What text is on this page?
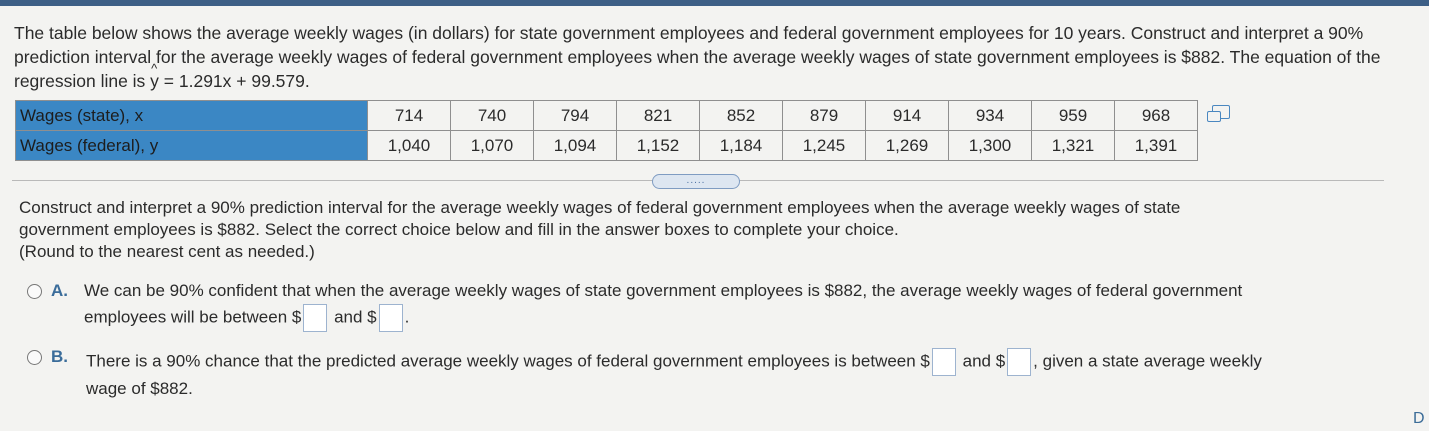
The table below shows the average weekly wages (in dollars) for state government employees and federal government employees for 10 years. Construct and interpret a 90% prediction interval for the average weekly wages of federal government employees when the average weekly wages of state government employees is $882. The equation of the regression line is ^ y = 1.291x + 99.579.
Wages (state), x	714	740	794	821	852	879	914	934	959	968
Wages (federal), y	1,040	1,070	1,094	1,152	1,184	1,245	1,269	1,300	1,321	1,391
.....
Construct and interpret a 90% prediction interval for the average weekly wages of federal government employees when the average weekly wages of state
government employees is $882. Select the correct choice below and fill in the answer boxes to complete your choice.
(Round to the nearest cent as needed.)
A. We can be 90% confident that when the average weekly wages of state government employees is $882, the average weekly wages of federal government
employees will be between $ and $ .
B. There is a 90% chance that the predicted average weekly wages of federal government employees is between $ and $ , given a state average weekly
wage of $882.
D
